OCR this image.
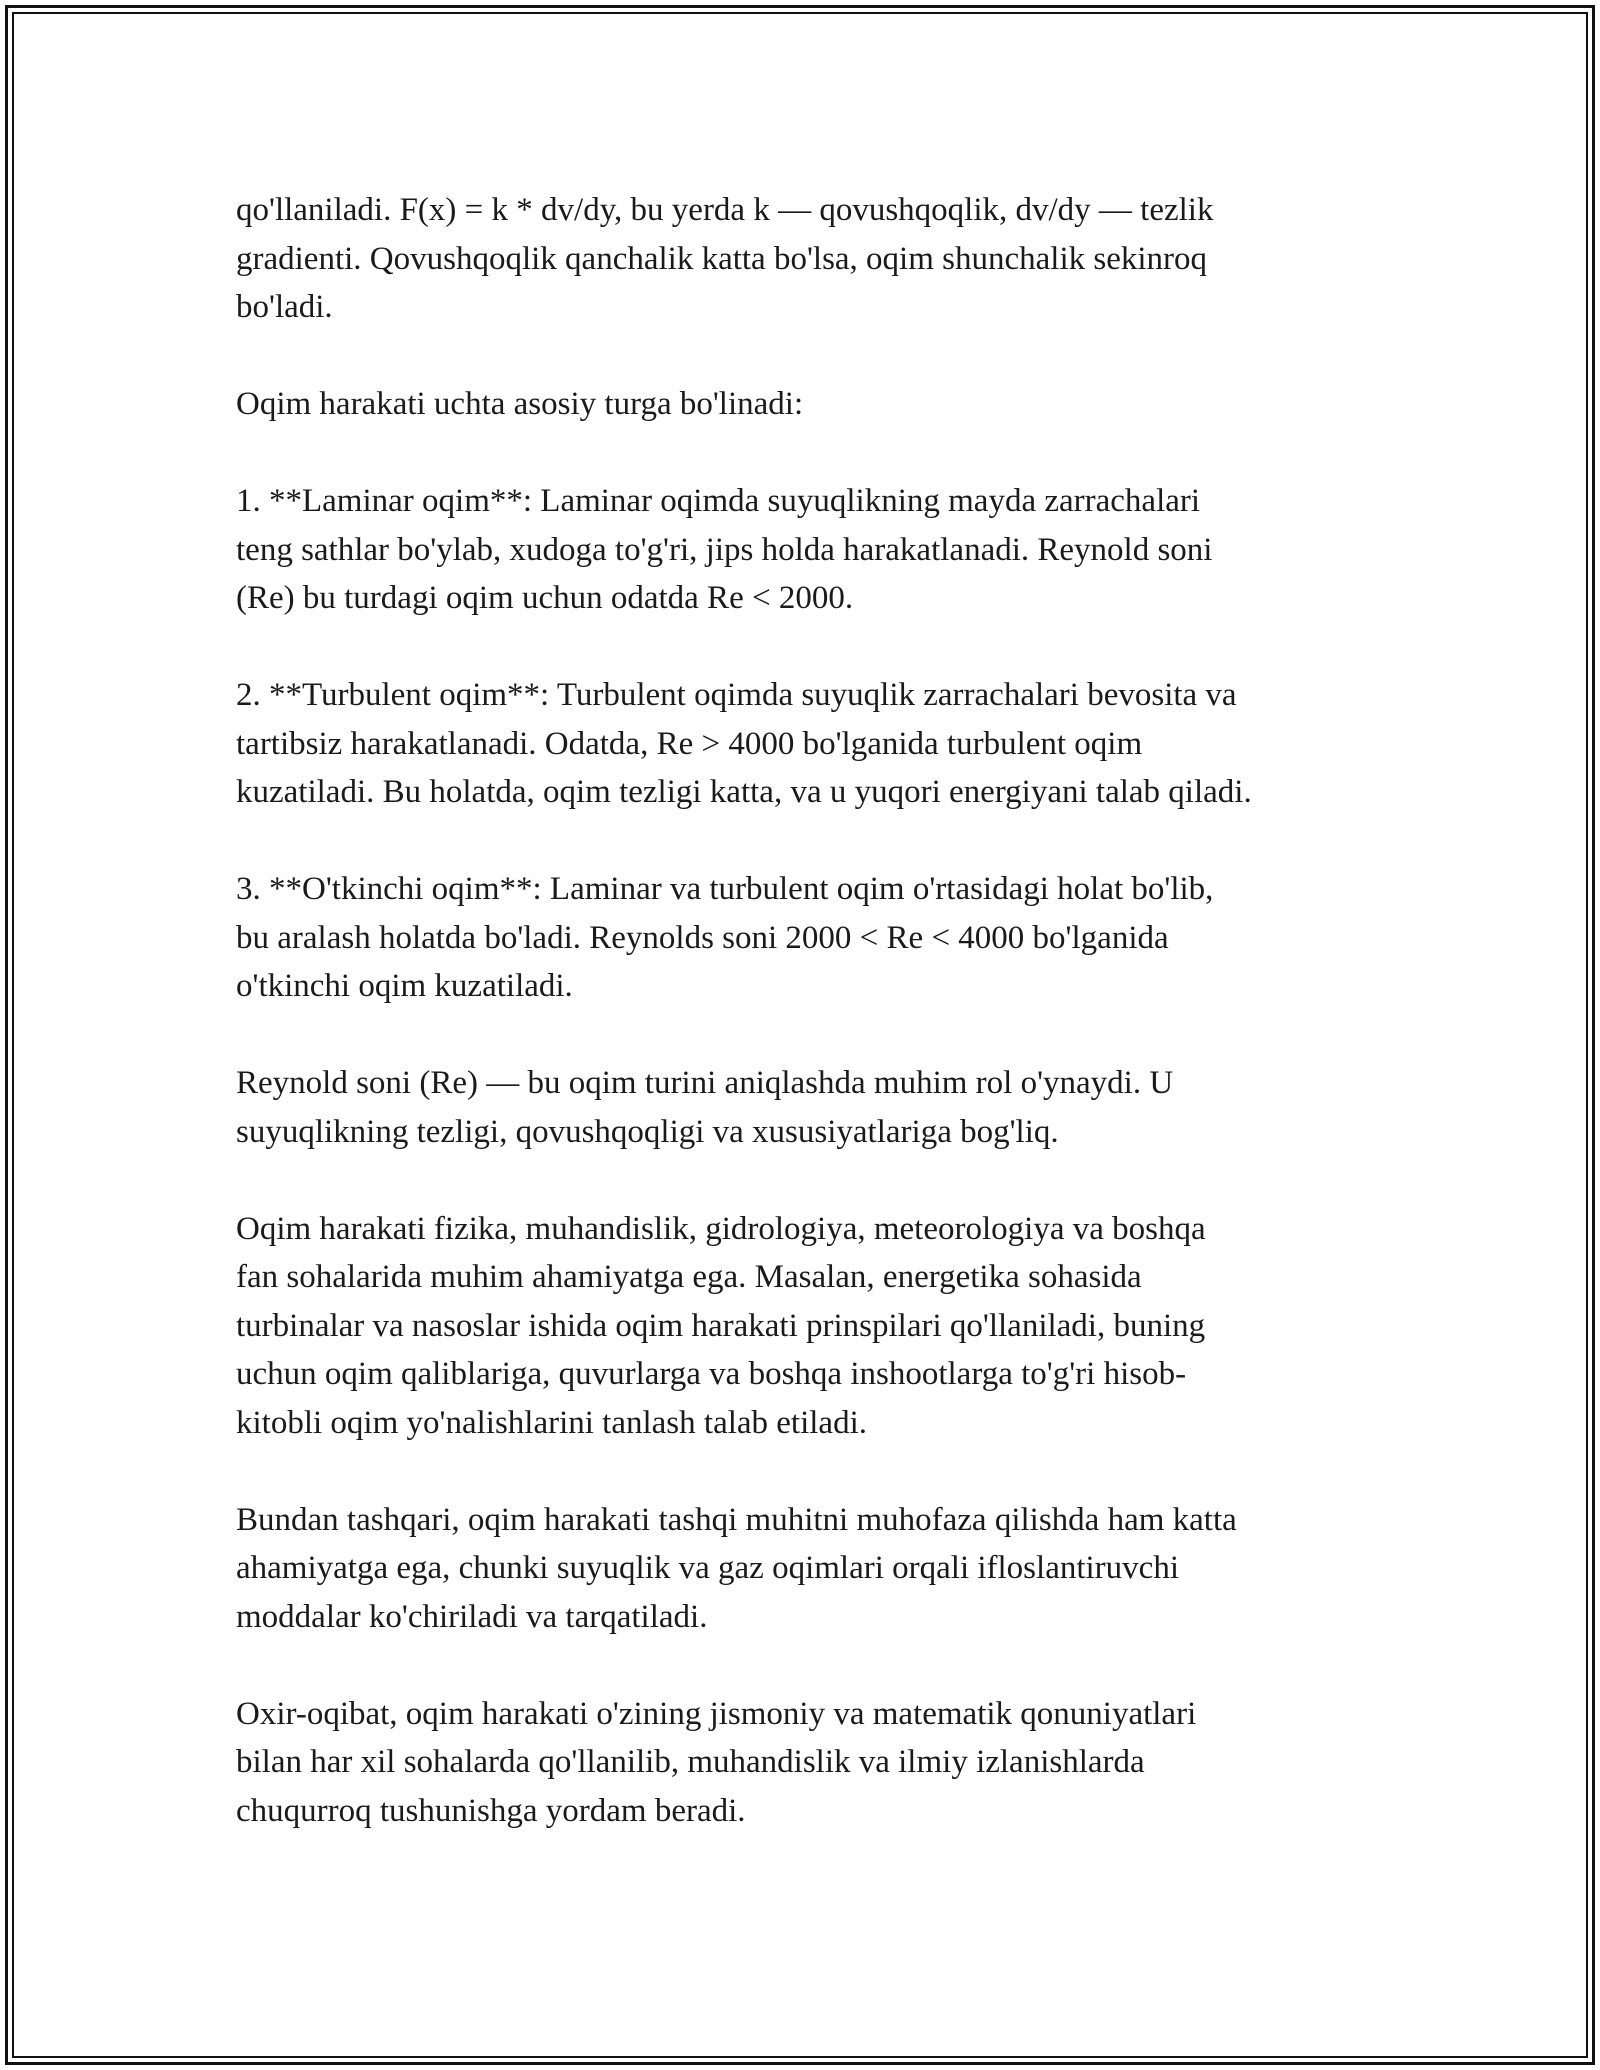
qo'llaniladi. F(x) = k * dv/dy, bu yerda k — qovushqoqlik, dv/dy — tezlik
gradienti. Qovushqoqlik qanchalik katta bo'lsa, oqim shunchalik sekinroq
bo'ladi.

Oqim harakati uchta asosiy turga bo'linadi:

1. **Laminar oqim**: Laminar oqimda suyuqlikning mayda zarrachalari
teng sathlar bo'ylab, xudoga to'g'ri, jips holda harakatlanadi. Reynold soni
(Re) bu turdagi oqim uchun odatda Re < 2000.

2. **Turbulent oqim**: Turbulent oqimda suyuqlik zarrachalari bevosita va
tartibsiz harakatlanadi. Odatda, Re > 4000 bo'lganida turbulent oqim
kuzatiladi. Bu holatda, oqim tezligi katta, va u yuqori energiyani talab qiladi.

3. **O'tkinchi oqim**: Laminar va turbulent oqim o'rtasidagi holat bo'lib,
bu aralash holatda bo'ladi. Reynolds soni 2000 < Re < 4000 bo'lganida
o'tkinchi oqim kuzatiladi.

Reynold soni (Re) — bu oqim turini aniqlashda muhim rol o'ynaydi. U
suyuqlikning tezligi, qovushqoqligi va xususiyatlariga bog'liq.

Oqim harakati fizika, muhandislik, gidrologiya, meteorologiya va boshqa
fan sohalarida muhim ahamiyatga ega. Masalan, energetika sohasida
turbinalar va nasoslar ishida oqim harakati prinspilari qo'llaniladi, buning
uchun oqim qaliblariga, quvurlarga va boshqa inshootlarga to'g'ri hisob-
kitobli oqim yo'nalishlarini tanlash talab etiladi.

Bundan tashqari, oqim harakati tashqi muhitni muhofaza qilishda ham katta
ahamiyatga ega, chunki suyuqlik va gaz oqimlari orqali ifloslantiruvchi
moddalar ko'chiriladi va tarqatiladi.

Oxir-oqibat, oqim harakati o'zining jismoniy va matematik qonuniyatlari
bilan har xil sohalarda qo'llanilib, muhandislik va ilmiy izlanishlarda
chuqurroq tushunishga yordam beradi.
